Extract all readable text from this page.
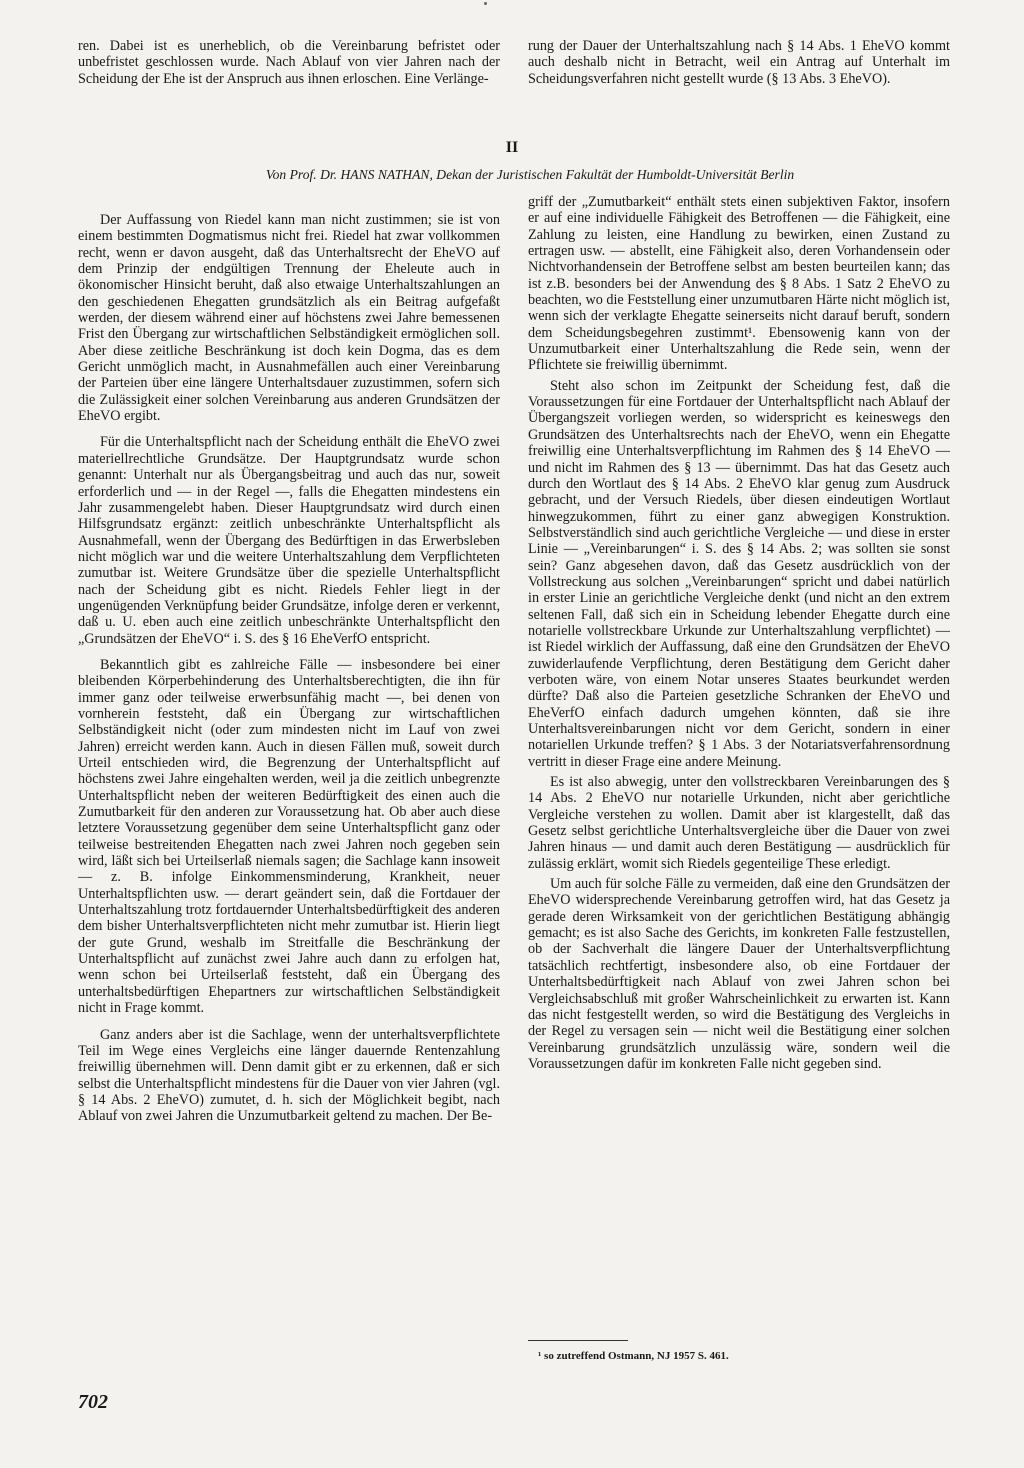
ren. Dabei ist es unerheblich, ob die Vereinbarung befristet oder unbefristet geschlossen wurde. Nach Ablauf von vier Jahren nach der Scheidung der Ehe ist der Anspruch aus ihnen erloschen. Eine Verlänge-

rung der Dauer der Unterhaltszahlung nach § 14 Abs. 1 EheVO kommt auch deshalb nicht in Betracht, weil ein Antrag auf Unterhalt im Scheidungsverfahren nicht gestellt wurde (§ 13 Abs. 3 EheVO).

II

Von Prof. Dr. HANS NATHAN, Dekan der Juristischen Fakultät der Humboldt-Universität Berlin

Der Auffassung von Riedel kann man nicht zustimmen; sie ist von einem bestimmten Dogmatismus nicht frei. Riedel hat zwar vollkommen recht, wenn er davon ausgeht, daß das Unterhaltsrecht der EheVO auf dem Prinzip der endgültigen Trennung der Eheleute auch in ökonomischer Hinsicht beruht, daß also etwaige Unterhaltszahlungen an den geschiedenen Ehegatten grundsätzlich als ein Beitrag aufgefaßt werden, der diesem während einer auf höchstens zwei Jahre bemessenen Frist den Übergang zur wirtschaftlichen Selbständigkeit ermöglichen soll. Aber diese zeitliche Beschränkung ist doch kein Dogma, das es dem Gericht unmöglich macht, in Ausnahmefällen auch einer Vereinbarung der Parteien über eine längere Unterhaltsdauer zuzustimmen, sofern sich die Zulässigkeit einer solchen Vereinbarung aus anderen Grundsätzen der EheVO ergibt.

Für die Unterhaltspflicht nach der Scheidung enthält die EheVO zwei materiellrechtliche Grundsätze. Der Hauptgrundsatz wurde schon genannt: Unterhalt nur als Übergangsbeitrag und auch das nur, soweit erforderlich und — in der Regel —, falls die Ehegatten mindestens ein Jahr zusammengelebt haben. Dieser Hauptgrundsatz wird durch einen Hilfsgrundsatz ergänzt: zeitlich unbeschränkte Unterhaltspflicht als Ausnahmefall, wenn der Übergang des Bedürftigen in das Erwerbsleben nicht möglich war und die weitere Unterhaltszahlung dem Verpflichteten zumutbar ist. Weitere Grundsätze über die spezielle Unterhaltspflicht nach der Scheidung gibt es nicht. Riedels Fehler liegt in der ungenügenden Verknüpfung beider Grundsätze, infolge deren er verkennt, daß u. U. eben auch eine zeitlich unbeschränkte Unterhaltspflicht den „Grundsätzen der EheVO“ i. S. des § 16 EheVerfO entspricht.

Bekanntlich gibt es zahlreiche Fälle — insbesondere bei einer bleibenden Körperbehinderung des Unterhaltsberechtigten, die ihn für immer ganz oder teilweise erwerbsunfähig macht —, bei denen von vornherein feststeht, daß ein Übergang zur wirtschaftlichen Selbständigkeit nicht (oder zum mindesten nicht im Lauf von zwei Jahren) erreicht werden kann. Auch in diesen Fällen muß, soweit durch Urteil entschieden wird, die Begrenzung der Unterhaltspflicht auf höchstens zwei Jahre eingehalten werden, weil ja die zeitlich unbegrenzte Unterhaltspflicht neben der weiteren Bedürftigkeit des einen auch die Zumutbarkeit für den anderen zur Voraussetzung hat. Ob aber auch diese letztere Voraussetzung gegenüber dem seine Unterhaltspflicht ganz oder teilweise bestreitenden Ehegatten nach zwei Jahren noch gegeben sein wird, läßt sich bei Urteilserlaß niemals sagen; die Sachlage kann insoweit — z. B. infolge Einkommensminderung, Krankheit, neuer Unterhaltspflichten usw. — derart geändert sein, daß die Fortdauer der Unterhaltszahlung trotz fortdauernder Unterhaltsbedürftigkeit des anderen dem bisher Unterhaltsverpflichteten nicht mehr zumutbar ist. Hierin liegt der gute Grund, weshalb im Streitfalle die Beschränkung der Unterhaltspflicht auf zunächst zwei Jahre auch dann zu erfolgen hat, wenn schon bei Urteilserlaß feststeht, daß ein Übergang des unterhaltsbedürftigen Ehepartners zur wirtschaftlichen Selbständigkeit nicht in Frage kommt.

Ganz anders aber ist die Sachlage, wenn der unterhaltsverpflichtete Teil im Wege eines Vergleichs eine länger dauernde Rentenzahlung freiwillig übernehmen will. Denn damit gibt er zu erkennen, daß er sich selbst die Unterhaltspflicht mindestens für die Dauer von vier Jahren (vgl. § 14 Abs. 2 EheVO) zumutet, d. h. sich der Möglichkeit begibt, nach Ablauf von zwei Jahren die Unzumutbarkeit geltend zu machen. Der Be-

griff der „Zumutbarkeit“ enthält stets einen subjektiven Faktor, insofern er auf eine individuelle Fähigkeit des Betroffenen — die Fähigkeit, eine Zahlung zu leisten, eine Handlung zu bewirken, einen Zustand zu ertragen usw. — abstellt, eine Fähigkeit also, deren Vorhandensein oder Nichtvorhandensein der Betroffene selbst am besten beurteilen kann; das ist z.B. besonders bei der Anwendung des § 8 Abs. 1 Satz 2 EheVO zu beachten, wo die Feststellung einer unzumutbaren Härte nicht möglich ist, wenn sich der verklagte Ehegatte seinerseits nicht darauf beruft, sondern dem Scheidungsbegehren zustimmt¹. Ebensowenig kann von der Unzumutbarkeit einer Unterhaltszahlung die Rede sein, wenn der Pflichtete sie freiwillig übernimmt.

Steht also schon im Zeitpunkt der Scheidung fest, daß die Voraussetzungen für eine Fortdauer der Unterhaltspflicht nach Ablauf der Übergangszeit vorliegen werden, so widerspricht es keineswegs den Grundsätzen des Unterhaltsrechts nach der EheVO, wenn ein Ehegatte freiwillig eine Unterhaltsverpflichtung im Rahmen des § 14 EheVO — und nicht im Rahmen des § 13 — übernimmt. Das hat das Gesetz auch durch den Wortlaut des § 14 Abs. 2 EheVO klar genug zum Ausdruck gebracht, und der Versuch Riedels, über diesen eindeutigen Wortlaut hinwegzukommen, führt zu einer ganz abwegigen Konstruktion. Selbstverständlich sind auch gerichtliche Vergleiche — und diese in erster Linie — „Vereinbarungen“ i. S. des § 14 Abs. 2; was sollten sie sonst sein? Ganz abgesehen davon, daß das Gesetz ausdrücklich von der Vollstreckung aus solchen „Vereinbarungen“ spricht und dabei natürlich in erster Linie an gerichtliche Vergleiche denkt (und nicht an den extrem seltenen Fall, daß sich ein in Scheidung lebender Ehegatte durch eine notarielle vollstreckbare Urkunde zur Unterhaltszahlung verpflichtet) — ist Riedel wirklich der Auffassung, daß eine den Grundsätzen der EheVO zuwiderlaufende Verpflichtung, deren Bestätigung dem Gericht daher verboten wäre, von einem Notar unseres Staates beurkundet werden dürfte? Daß also die Parteien gesetzliche Schranken der EheVO und EheVerfO einfach dadurch umgehen könnten, daß sie ihre Unterhaltsvereinbarungen nicht vor dem Gericht, sondern in einer notariellen Urkunde treffen? § 1 Abs. 3 der Notariatsverfahrensordnung vertritt in dieser Frage eine andere Meinung.

Es ist also abwegig, unter den vollstreckbaren Vereinbarungen des § 14 Abs. 2 EheVO nur notarielle Urkunden, nicht aber gerichtliche Vergleiche verstehen zu wollen. Damit aber ist klargestellt, daß das Gesetz selbst gerichtliche Unterhaltsvergleiche über die Dauer von zwei Jahren hinaus — und damit auch deren Bestätigung — ausdrücklich für zulässig erklärt, womit sich Riedels gegenteilige These erledigt.

Um auch für solche Fälle zu vermeiden, daß eine den Grundsätzen der EheVO widersprechende Vereinbarung getroffen wird, hat das Gesetz ja gerade deren Wirksamkeit von der gerichtlichen Bestätigung abhängig gemacht; es ist also Sache des Gerichts, im konkreten Falle festzustellen, ob der Sachverhalt die längere Dauer der Unterhaltsverpflichtung tatsächlich rechtfertigt, insbesondere also, ob eine Fortdauer der Unterhaltsbedürftigkeit nach Ablauf von zwei Jahren schon bei Vergleichsabschluß mit großer Wahrscheinlichkeit zu erwarten ist. Kann das nicht festgestellt werden, so wird die Bestätigung des Vergleichs in der Regel zu versagen sein — nicht weil die Bestätigung einer solchen Vereinbarung grundsätzlich unzulässig wäre, sondern weil die Voraussetzungen dafür im konkreten Falle nicht gegeben sind.

¹ so zutreffend Ostmann, NJ 1957 S. 461.

702
